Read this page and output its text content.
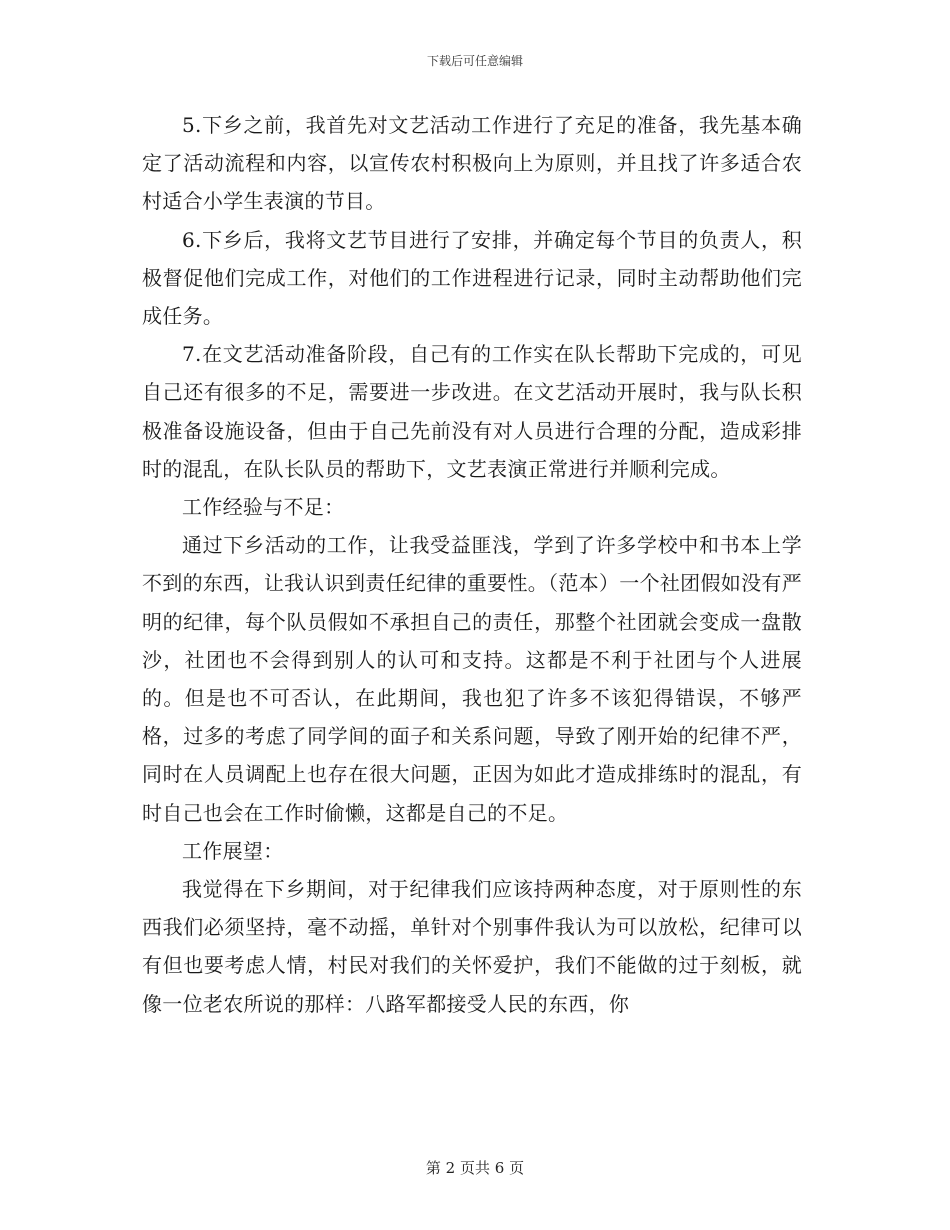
下载后可任意编辑

5.下乡之前，我首先对文艺活动工作进行了充足的准备，我先基本确定了活动流程和内容，以宣传农村积极向上为原则，并且找了许多适合农村适合小学生表演的节目。

6.下乡后，我将文艺节目进行了安排，并确定每个节目的负责人，积极督促他们完成工作，对他们的工作进程进行记录，同时主动帮助他们完成任务。

7.在文艺活动准备阶段，自己有的工作实在队长帮助下完成的，可见自己还有很多的不足，需要进一步改进。在文艺活动开展时，我与队长积极准备设施设备，但由于自己先前没有对人员进行合理的分配，造成彩排时的混乱，在队长队员的帮助下，文艺表演正常进行并顺利完成。

工作经验与不足：

通过下乡活动的工作，让我受益匪浅，学到了许多学校中和书本上学不到的东西，让我认识到责任纪律的重要性。（范本）一个社团假如没有严明的纪律，每个队员假如不承担自己的责任，那整个社团就会变成一盘散沙，社团也不会得到别人的认可和支持。这都是不利于社团与个人进展的。但是也不可否认，在此期间，我也犯了许多不该犯得错误，不够严格，过多的考虑了同学间的面子和关系问题，导致了刚开始的纪律不严，同时在人员调配上也存在很大问题，正因为如此才造成排练时的混乱，有时自己也会在工作时偷懒，这都是自己的不足。

工作展望：

我觉得在下乡期间，对于纪律我们应该持两种态度，对于原则性的东西我们必须坚持，毫不动摇，单针对个别事件我认为可以放松，纪律可以有但也要考虑人情，村民对我们的关怀爱护，我们不能做的过于刻板，就像一位老农所说的那样：八路军都接受人民的东西，你

第 2 页共 6 页
